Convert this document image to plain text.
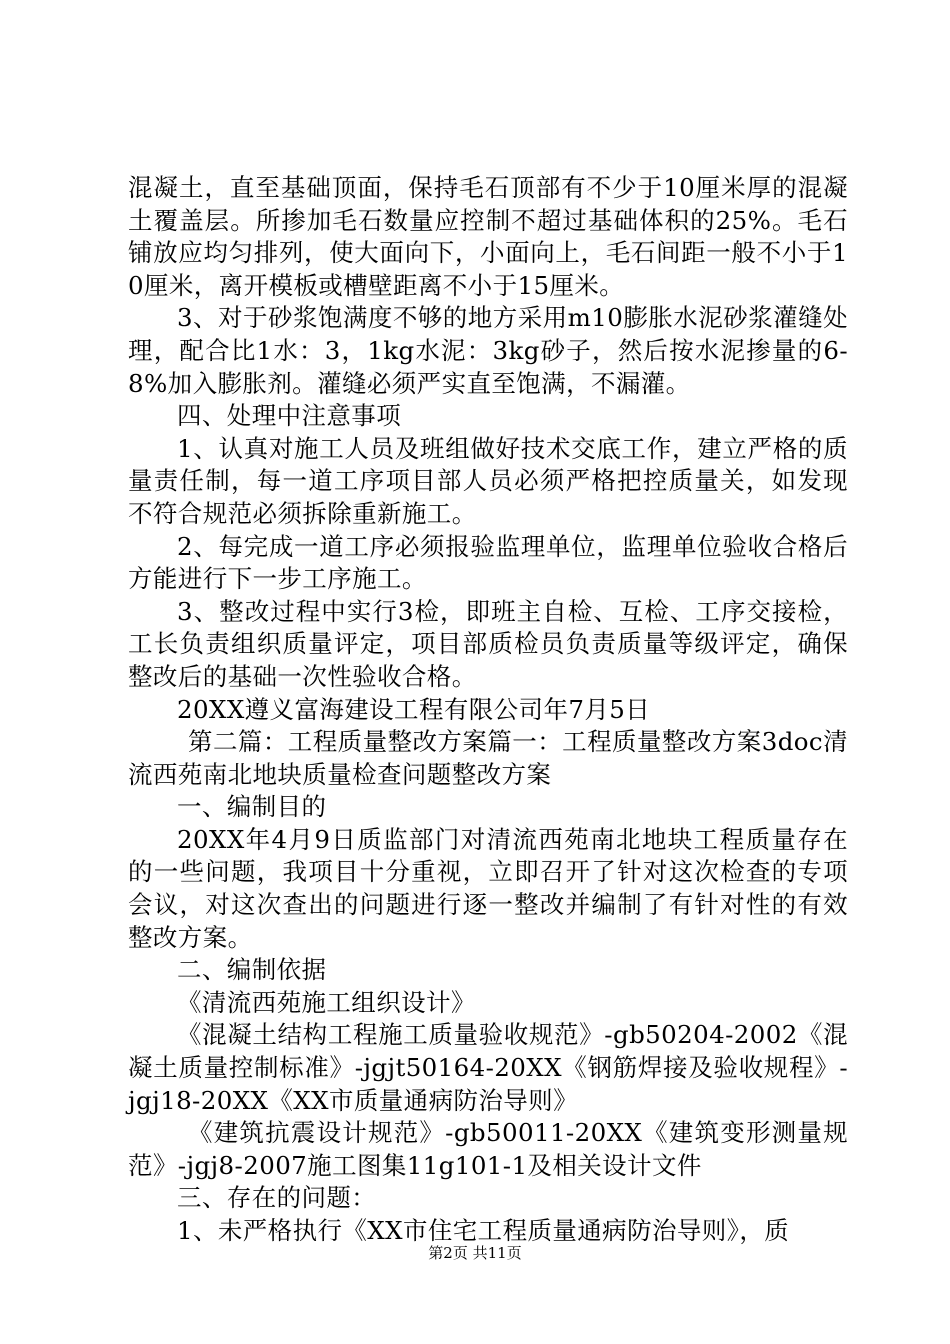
混凝土，直至基础顶面，保持毛石顶部有不少于10厘米厚的混凝土覆盖层。所掺加毛石数量应控制不超过基础体积的25%。毛石铺放应均匀排列，使大面向下，小面向上，毛石间距一般不小于10厘米，离开模板或槽壁距离不小于15厘米。

3、对于砂浆饱满度不够的地方采用m10膨胀水泥砂浆灌缝处理，配合比1水：3，1kg水泥：3kg砂子，然后按水泥掺量的6-8%加入膨胀剂。灌缝必须严实直至饱满，不漏灌。

四、处理中注意事项

1、认真对施工人员及班组做好技术交底工作，建立严格的质量责任制，每一道工序项目部人员必须严格把控质量关，如发现不符合规范必须拆除重新施工。

2、每完成一道工序必须报验监理单位，监理单位验收合格后方能进行下一步工序施工。

3、整改过程中实行3检，即班主自检、互检、工序交接检，工长负责组织质量评定，项目部质检员负责质量等级评定，确保整改后的基础一次性验收合格。

20XX遵义富海建设工程有限公司年7月5日

第二篇：工程质量整改方案篇一：工程质量整改方案3doc清流西苑南北地块质量检查问题整改方案

一、编制目的

20XX年4月9日质监部门对清流西苑南北地块工程质量存在的一些问题，我项目十分重视，立即召开了针对这次检查的专项会议，对这次查出的问题进行逐一整改并编制了有针对性的有效整改方案。

二、编制依据

《清流西苑施工组织设计》

《混凝土结构工程施工质量验收规范》-gb50204-2002《混凝土质量控制标准》-jgjt50164-20XX《钢筋焊接及验收规程》-jgj18-20XX《XX市质量通病防治导则》

《建筑抗震设计规范》-gb50011-20XX《建筑变形测量规范》-jgj8-2007施工图集11g101-1及相关设计文件

三、存在的问题：

1、未严格执行《XX市住宅工程质量通病防治导则》，质

第2页 共11页
